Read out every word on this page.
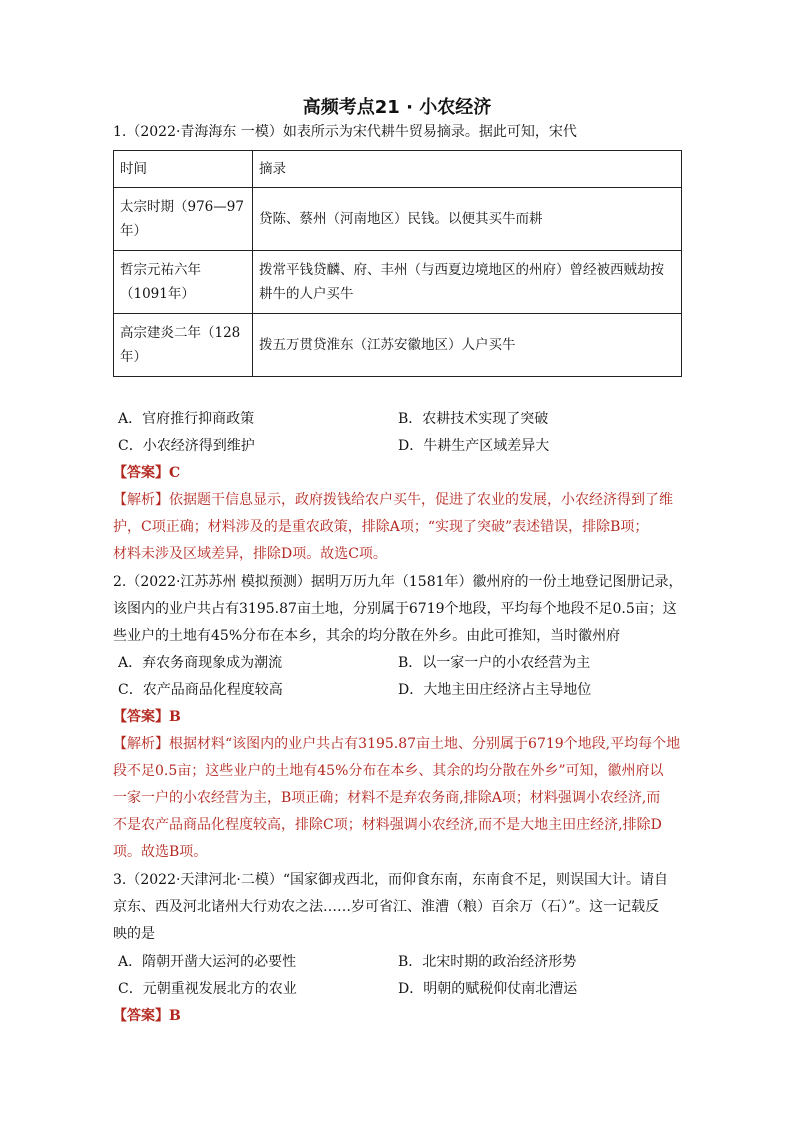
高频考点21 · 小农经济
1.（2022·青海海东 一模）如表所示为宋代耕牛贸易摘录。据此可知，宋代
时间	摘录
太宗时期（976—97年）	贷陈、蔡州（河南地区）民钱。以便其买牛而耕
哲宗元祐六年（1091年）	拨常平钱贷麟、府、丰州（与西夏边境地区的州府）曾经被西贼劫按耕牛的人户买牛
高宗建炎二年（128年）	拨五万贯贷淮东（江苏安徽地区）人户买牛
A．官府推行抑商政策	B．农耕技术实现了突破
C．小农经济得到维护	D．牛耕生产区域差异大
【答案】C
【解析】依据题干信息显示，政府拨钱给农户买牛，促进了农业的发展，小农经济得到了维
护，C项正确；材料涉及的是重农政策，排除A项；“实现了突破”表述错误，排除B项；
材料未涉及区域差异，排除D项。故选C项。
2.（2022·江苏苏州 模拟预测）据明万历九年（1581年）徽州府的一份土地登记图册记录，
该图内的业户共占有3195.87亩土地，分别属于6719个地段，平均每个地段不足0.5亩；这
些业户的土地有45%分布在本乡，其余的均分散在外乡。由此可推知，当时徽州府
A．弃农务商现象成为潮流	B．以一家一户的小农经营为主
C．农产品商品化程度较高	D．大地主田庄经济占主导地位
【答案】B
【解析】根据材料“该图内的业户共占有3195.87亩土地、分别属于6719个地段,平均每个地
段不足0.5亩；这些业户的土地有45%分布在本乡、其余的均分散在外乡”可知，徽州府以
一家一户的小农经营为主，B项正确；材料不是弃农务商,排除A项；材料强调小农经济,而
不是农产品商品化程度较高，排除C项；材料强调小农经济,而不是大地主田庄经济,排除D
项。故选B项。
3.（2022·天津河北·二模）“国家御戎西北，而仰食东南，东南食不足，则误国大计。请自
京东、西及河北诸州大行劝农之法……岁可省江、淮漕（粮）百余万（石）”。这一记载反
映的是
A．隋朝开凿大运河的必要性	B．北宋时期的政治经济形势
C．元朝重视发展北方的农业	D．明朝的赋税仰仗南北漕运
【答案】B
